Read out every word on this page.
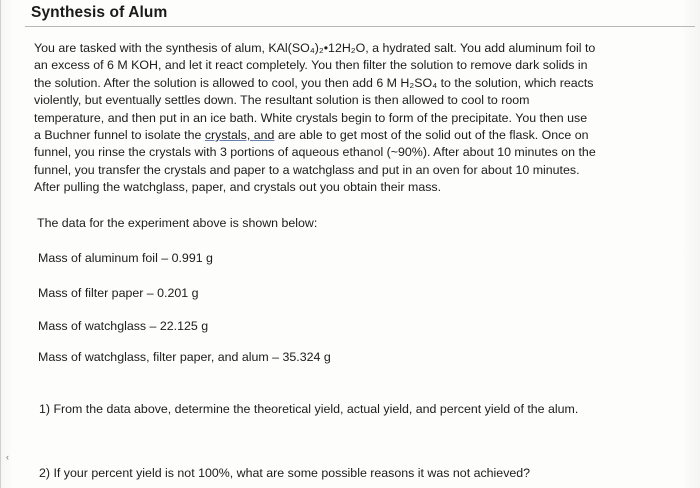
Synthesis of Alum

You are tasked with the synthesis of alum, KAl(SO₄)₂•12H₂O, a hydrated salt. You add aluminum foil to
an excess of 6 M KOH, and let it react completely. You then filter the solution to remove dark solids in
the solution. After the solution is allowed to cool, you then add 6 M H₂SO₄ to the solution, which reacts
violently, but eventually settles down. The resultant solution is then allowed to cool to room
temperature, and then put in an ice bath. White crystals begin to form of the precipitate. You then use
a Buchner funnel to isolate the crystals, and are able to get most of the solid out of the flask. Once on
funnel, you rinse the crystals with 3 portions of aqueous ethanol (~90%). After about 10 minutes on the
funnel, you transfer the crystals and paper to a watchglass and put in an oven for about 10 minutes.
After pulling the watchglass, paper, and crystals out you obtain their mass.

The data for the experiment above is shown below:

Mass of aluminum foil – 0.991 g

Mass of filter paper – 0.201 g

Mass of watchglass – 22.125 g

Mass of watchglass, filter paper, and alum – 35.324 g

1) From the data above, determine the theoretical yield, actual yield, and percent yield of the alum.

2) If your percent yield is not 100%, what are some possible reasons it was not achieved?

‹
